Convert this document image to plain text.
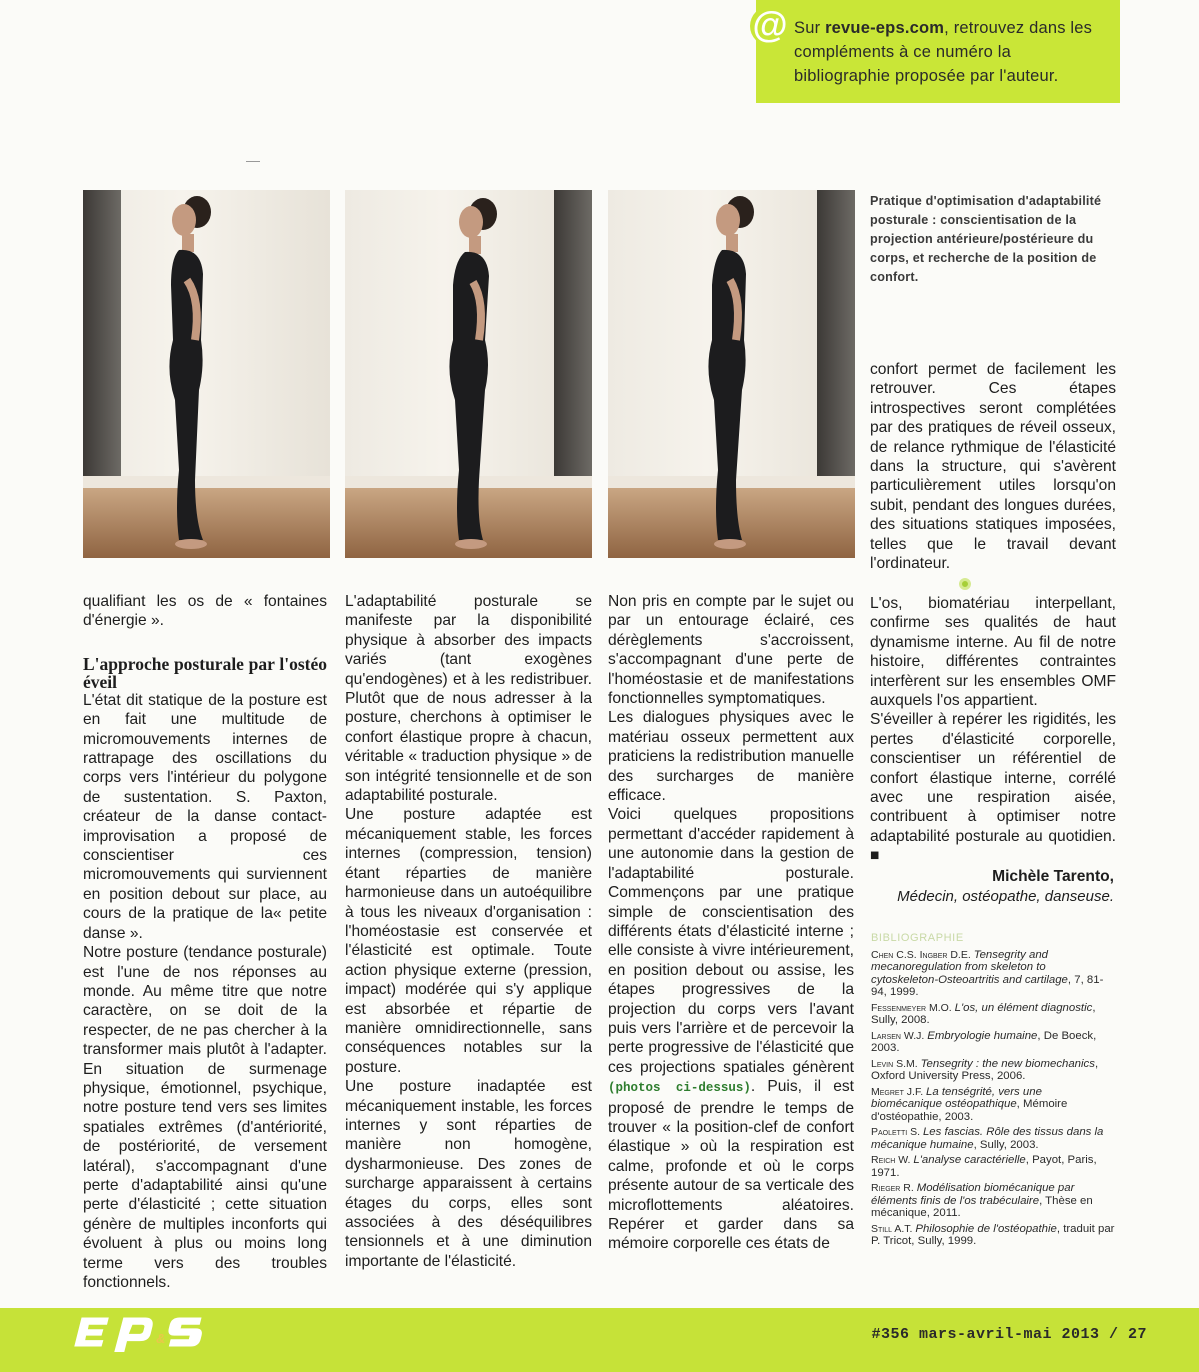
@ Sur revue-eps.com, retrouvez dans les compléments à ce numéro la bibliographie proposée par l'auteur.

Pratique d'optimisation d'adaptabilité posturale : conscientisation de la projection antérieure/postérieure du corps, et recherche de la position de confort.

qualifiant les os de « fontaines d'énergie ».

L'approche posturale par l'ostéo éveil

L'état dit statique de la posture est en fait une multitude de micromouvements internes de rattrapage des oscillations du corps vers l'intérieur du polygone de sustentation. S. Paxton, créateur de la danse contact-improvisation a proposé de conscientiser ces micromouvements qui surviennent en position debout sur place, au cours de la pratique de la« petite danse ».

Notre posture (tendance posturale) est l'une de nos réponses au monde. Au même titre que notre caractère, on se doit de la respecter, de ne pas chercher à la transformer mais plutôt à l'adapter. En situation de surmenage physique, émotionnel, psychique, notre posture tend vers ses limites spatiales extrêmes (d'antériorité, de postériorité, de versement latéral), s'accompagnant d'une perte d'adaptabilité ainsi qu'une perte d'élasticité ; cette situation génère de multiples inconforts qui évoluent à plus ou moins long terme vers des troubles fonctionnels.

L'adaptabilité posturale se manifeste par la disponibilité physique à absorber des impacts variés (tant exogènes qu'endogènes) et à les redistribuer. Plutôt que de nous adresser à la posture, cherchons à optimiser le confort élastique propre à chacun, véritable « traduction physique » de son intégrité tensionnelle et de son adaptabilité posturale.

Une posture adaptée est mécaniquement stable, les forces internes (compression, tension) étant réparties de manière harmonieuse dans un autoéquilibre à tous les niveaux d'organisation : l'homéostasie est conservée et l'élasticité est optimale. Toute action physique externe (pression, impact) modérée qui s'y applique est absorbée et répartie de manière omnidirectionnelle, sans conséquences notables sur la posture.

Une posture inadaptée est mécaniquement instable, les forces internes y sont réparties de manière non homogène, dysharmonieuse. Des zones de surcharge apparaissent à certains étages du corps, elles sont associées à des déséquilibres tensionnels et à une diminution importante de l'élasticité.

Non pris en compte par le sujet ou par un entourage éclairé, ces dérèglements s'accroissent, s'accompagnant d'une perte de l'homéostasie et de manifestations fonctionnelles symptomatiques.

Les dialogues physiques avec le matériau osseux permettent aux praticiens la redistribution manuelle des surcharges de manière efficace.

Voici quelques propositions permettant d'accéder rapidement à une autonomie dans la gestion de l'adaptabilité posturale. Commençons par une pratique simple de conscientisation des différents états d'élasticité interne ; elle consiste à vivre intérieurement, en position debout ou assise, les étapes progressives de la projection du corps vers l'avant puis vers l'arrière et de percevoir la perte progressive de l'élasticité que ces projections spatiales génèrent (photos ci-dessus). Puis, il est proposé de prendre le temps de trouver « la position-clef de confort élastique » où la respiration est calme, profonde et où le corps présente autour de sa verticale des microflottements aléatoires. Repérer et garder dans sa mémoire corporelle ces états de

confort permet de facilement les retrouver. Ces étapes introspectives seront complétées par des pratiques de réveil osseux, de relance rythmique de l'élasticité dans la structure, qui s'avèrent particulièrement utiles lorsqu'on subit, pendant des longues durées, des situations statiques imposées, telles que le travail devant l'ordinateur.

L'os, biomatériau interpellant, confirme ses qualités de haut dynamisme interne. Au fil de notre histoire, différentes contraintes interfèrent sur les ensembles OMF auxquels l'os appartient.

S'éveiller à repérer les rigidités, les pertes d'élasticité corporelle, conscientiser un référentiel de confort élastique interne, corrélé avec une respiration aisée, contribuent à optimiser notre adaptabilité posturale au quotidien. ■

Michèle Tarento,
Médecin, ostéopathe, danseuse.
BIBLIOGRAPHIE
Chen C.S. Ingber D.E. Tensegrity and mecanoregulation from skeleton to cytoskeleton-Osteoartritis and cartilage, 7, 81-94, 1999.
Fessenmeyer M.O. L'os, un élément diagnostic, Sully, 2008.
Larsen W.J. Embryologie humaine, De Boeck, 2003.
Levin S.M. Tensegrity : the new biomechanics, Oxford University Press, 2006.
Megret J.F. La tenségrité, vers une biomécanique ostéopathique, Mémoire d'ostéopathie, 2003.
Paoletti S. Les fascias. Rôle des tissus dans la mécanique humaine, Sully, 2003.
Reich W. L'analyse caractérielle, Payot, Paris, 1971.
Rieger R. Modélisation biomécanique par éléments finis de l'os trabéculaire, Thèse en mécanique, 2011.
Still A.T. Philosophie de l'ostéopathie, traduit par P. Tricot, Sully, 1999.
&	#356 mars-avril-mai 2013 / 27
